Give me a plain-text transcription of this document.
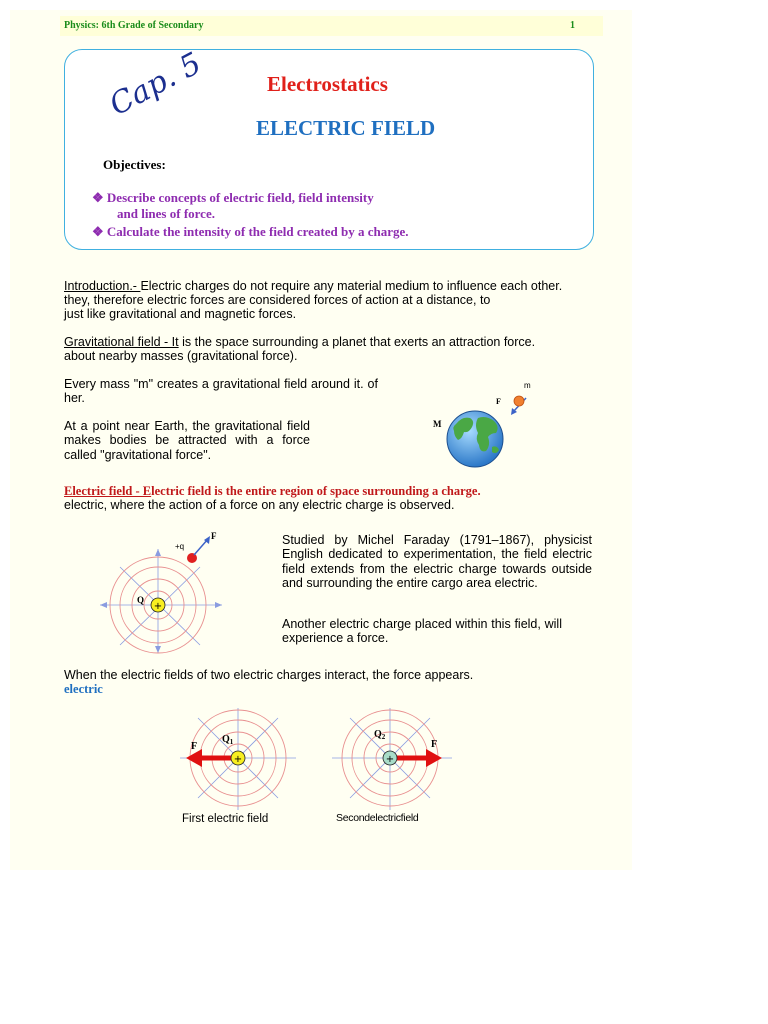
Physics: 6th Grade of Secondary	1
Cap. 5	Electrostatics
ELECTRIC FIELD
Objectives:
❖ Describe concepts of electric field, field intensity
and lines of force.
❖ Calculate the intensity of the field created by a charge.
Introduction.- Electric charges do not require any material medium to influence each other.
they, therefore electric forces are considered forces of action at a distance, to
just like gravitational and magnetic forces.
Gravitational field - It is the space surrounding a planet that exerts an attraction force.
about nearby masses (gravitational force).
Every mass "m" creates a gravitational field around it. of her.
At a point near Earth, the gravitational field makes bodies be attracted with a force called "gravitational force".
m
F
M
Electric field - Electric field is the entire region of space surrounding a charge.
electric, where the action of a force on any electric charge is observed.
+
Q
+q
F	Studied by Michel Faraday (1791–1867), physicist English dedicated to experimentation, the field electric field extends from the electric charge towards outside and surrounding the entire cargo area electric.
Another electric charge placed within this field, will experience a force.
When the electric fields of two electric charges interact, the force appears.
electric
+
F
$Q_1$
First electric field
+
F
$Q_2$
Secondelectricfield
